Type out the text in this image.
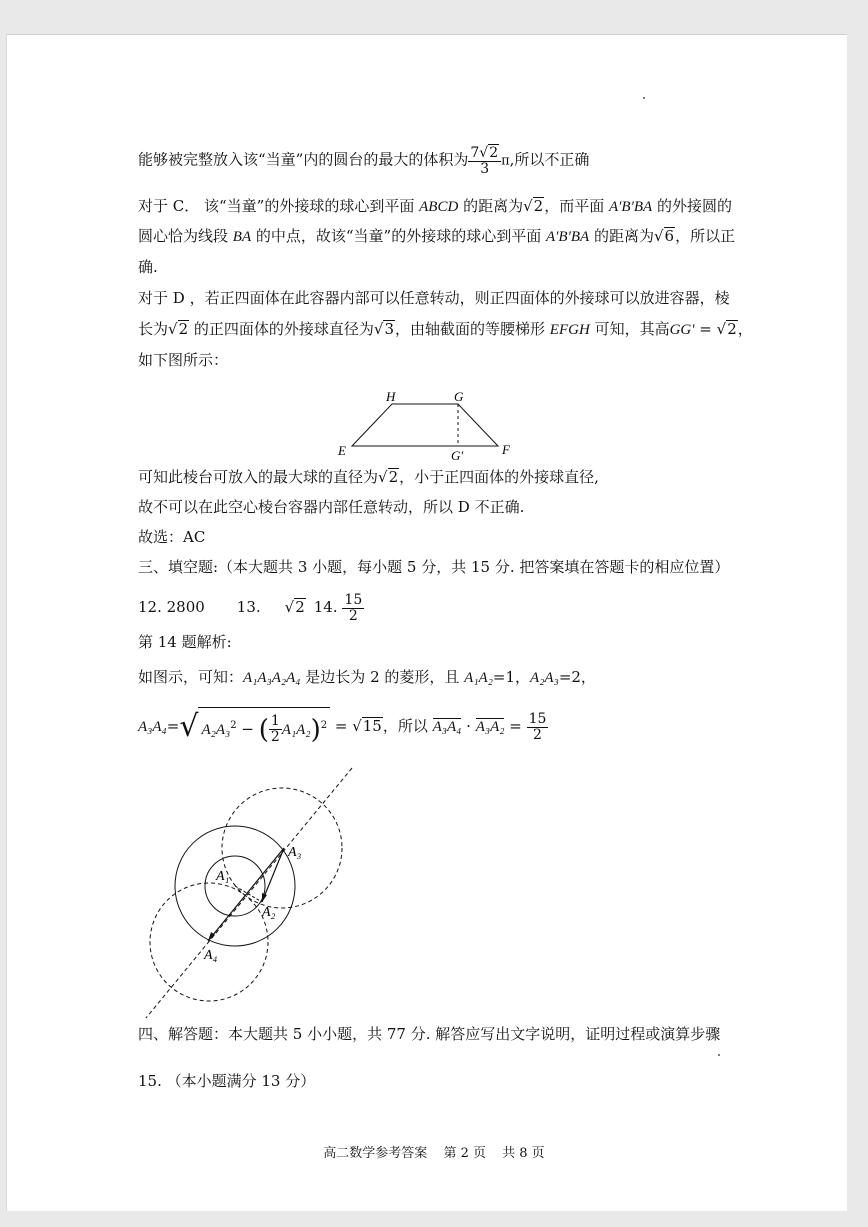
能够被完整放入该“当童”内的圆台的最大的体积为 $\frac{7√2}{3} \pi$,所以不正确
对于 C． 该“当童”的外接球的球心到平面 ABCD 的距离为√2，而平面 A′B′BA 的外接圆的
圆心恰为线段 BA 的中点，故该“当童”的外接球的球心到平面 A′B′BA 的距离为√6，所以正
确.
对于 D ，若正四面体在此容器内部可以任意转动，则正四面体的外接球可以放进容器，棱
长为√2 的正四面体的外接球直径为√3，由轴截面的等腰梯形 EFGH 可知，其高GG′ = √2，
如下图所示：
H	G
E	F
G′
可知此棱台可放入的最大球的直径为√2，小于正四面体的外接球直径,
故不可以在此空心棱台容器内部任意转动，所以 D 不正确.
故选：AC
三、填空题:（本大题共 3 小题，每小题 5 分，共 15 分. 把答案填在答题卡的相应位置）
12. 2800 13. √2 14. $\frac{15}{2}$
第 14 题解析:
如图示，可知：A₁A₃A₂A₄ 是边长为 2 的菱形，且 A₁A₂=1，A₂A₃=2，
A₃A₄=√ A₂A₃$^2$ − ( $\frac{1}{2} A_1A_2)^2 = √15$，所以 $A_3A_4 \cdot A_3A_2 = \frac{15}{2}$
A₃
A₁
A₂
A₄
四、解答题：本大题共 5 小小题，共 77 分. 解答应写出文字说明，证明过程或演算步骤
15. （本小题满分 13 分）
高二数学参考答案 第 2 页 共 8 页
